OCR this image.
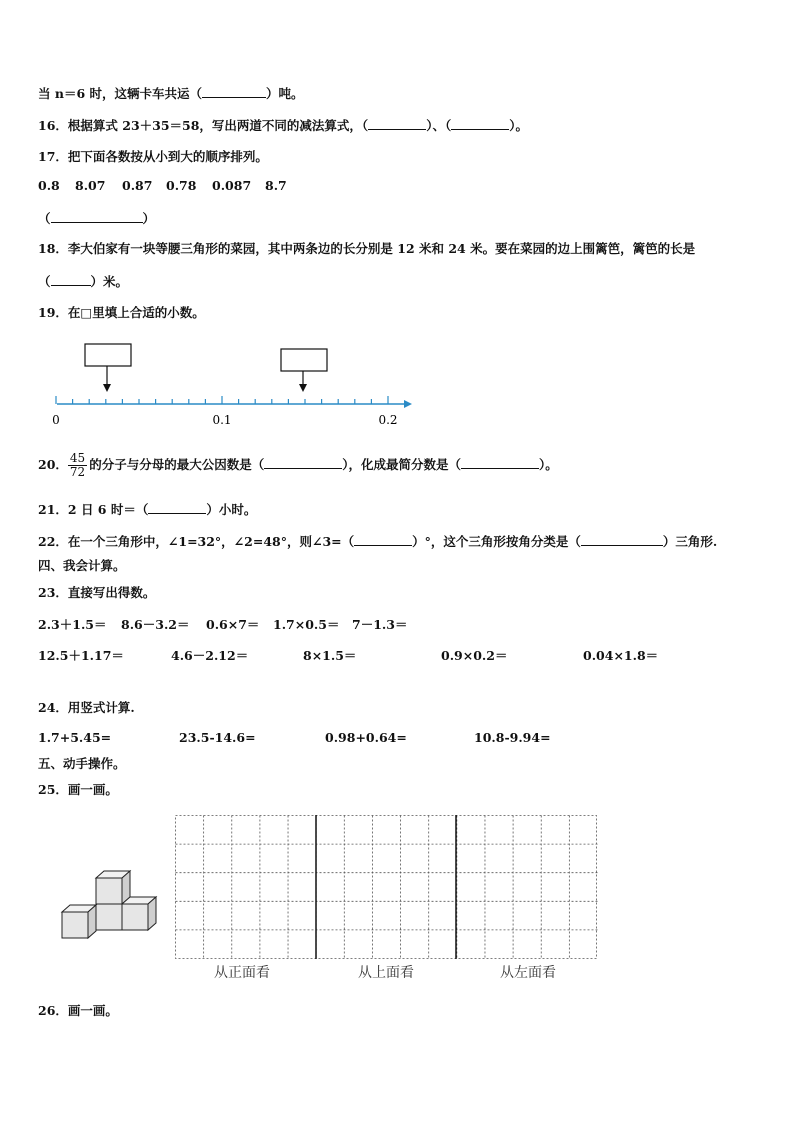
当 n＝6 时，这辆卡车共运（	）吨。
16．根据算式 23＋35＝58，写出两道不同的减法算式，（	）、（	）。
17．把下面各数按从小到大的顺序排列。
0.8 8.07 0.87 0.78 0.087 8.7
（	）
18．李大伯家有一块等腰三角形的菜园，其中两条边的长分别是 12 米和 24 米。要在菜园的边上围篱笆，篱笆的长是
（	）米。
19．在□里填上合适的小数。
0	0.1	0.2
20． $\frac{45}{72}$ 的分子与分母的最大公因数是（	），化成最简分数是（	）。
21．2 日 6 时＝（	）小时。
22．在一个三角形中，∠1=32°，∠2=48°，则∠3=（	）°，这个三角形按角分类是（	）三角形.
四、我会计算。
23．直接写出得数。
2.3＋1.5＝ 8.6－3.2＝ 0.6×7＝ 1.7×0.5＝ 7－1.3＝
12.5＋1.17＝	4.6－2.12＝	8×1.5＝	0.9×0.2＝	0.04×1.8＝
24．用竖式计算.
1.7+5.45=	23.5-14.6=	0.98+0.64=	10.8-9.94=
五、动手操作。
25．画一画。
从正面看	从上面看	从左面看
26．画一画。
